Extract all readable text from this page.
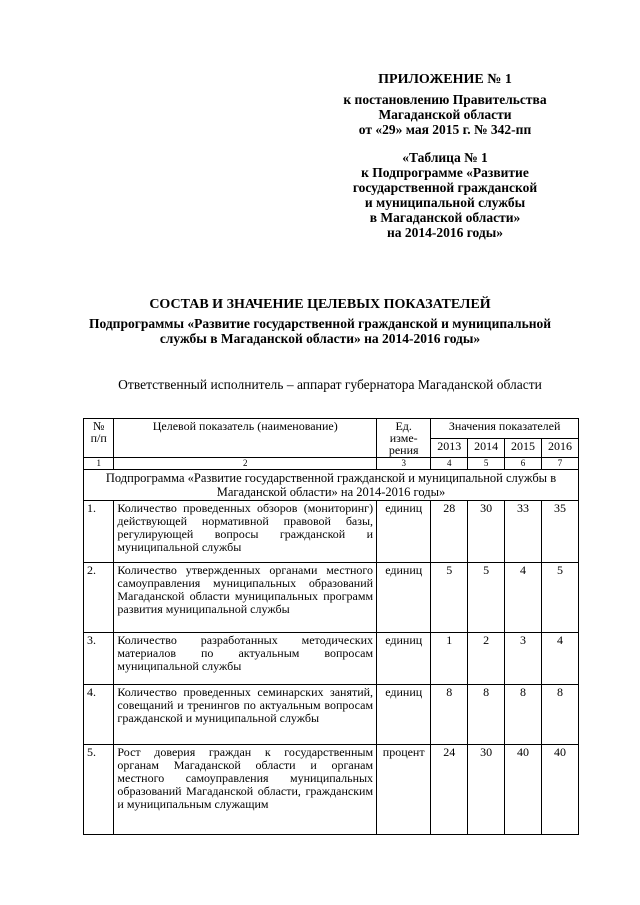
ПРИЛОЖЕНИЕ № 1
к постановлению Правительства
Магаданской области
от «29» мая 2015 г. № 342-пп
«Таблица № 1
к Подпрограмме «Развитие
государственной гражданской
и муниципальной службы
в Магаданской области»
на 2014-2016 годы»
СОСТАВ И ЗНАЧЕНИЕ ЦЕЛЕВЫХ ПОКАЗАТЕЛЕЙ
Подпрограммы «Развитие государственной гражданской и муниципальной
службы в Магаданской области» на 2014-2016 годы»
Ответственный исполнитель – аппарат губернатора Магаданской области
№ п/п	Целевой показатель (наименование)	Ед. изме-рения	Значения показателей			
			2013	2014	2015	2016
1	2	3	4	5	6	7
Подпрограмма «Развитие государственной гражданской и муниципальной службы в Магаданской области» на 2014-2016 годы»						
1.	Количество проведенных обзоров (мониторинг) действующей нормативной правовой базы, регулирующей вопросы гражданской и муниципальной службы	единиц	28	30	33	35
2.	Количество утвержденных органами местного самоуправления муниципальных образований Магаданской области муниципальных программ развития муниципальной службы	единиц	5	5	4	5
3.	Количество разработанных методических материалов по актуальным вопросам муниципальной службы	единиц	1	2	3	4
4.	Количество проведенных семинарских занятий, совещаний и тренингов по актуальным вопросам гражданской и муниципальной службы	единиц	8	8	8	8
5.	Рост доверия граждан к государственным органам Магаданской области и органам местного самоуправления муниципальных образований Магаданской области, гражданским и муниципальным служащим	процент	24	30	40	40
